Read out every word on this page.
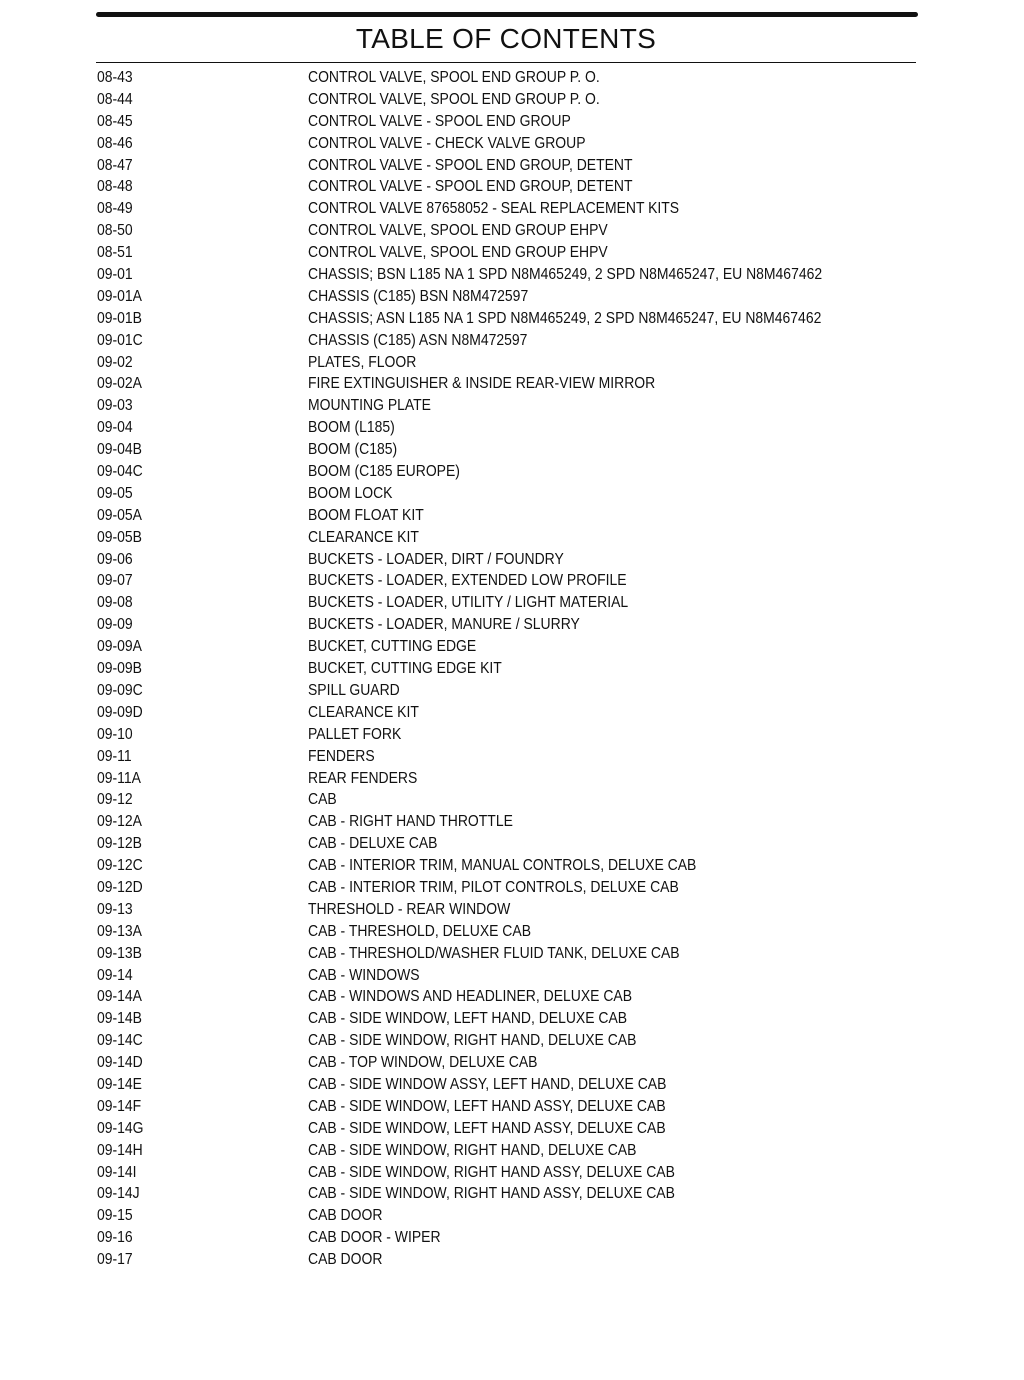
TABLE OF CONTENTS
08-43	CONTROL VALVE, SPOOL END GROUP P. O.
08-44	CONTROL VALVE, SPOOL END GROUP P. O.
08-45	CONTROL VALVE - SPOOL END GROUP
08-46	CONTROL VALVE - CHECK VALVE GROUP
08-47	CONTROL VALVE - SPOOL END GROUP, DETENT
08-48	CONTROL VALVE - SPOOL END GROUP, DETENT
08-49	CONTROL VALVE 87658052 - SEAL REPLACEMENT KITS
08-50	CONTROL VALVE, SPOOL END GROUP EHPV
08-51	CONTROL VALVE, SPOOL END GROUP EHPV
09-01	CHASSIS; BSN L185 NA 1 SPD N8M465249, 2 SPD N8M465247, EU N8M467462
09-01A	CHASSIS (C185) BSN N8M472597
09-01B	CHASSIS; ASN L185 NA 1 SPD N8M465249, 2 SPD N8M465247, EU N8M467462
09-01C	CHASSIS (C185) ASN N8M472597
09-02	PLATES, FLOOR
09-02A	FIRE EXTINGUISHER & INSIDE REAR-VIEW MIRROR
09-03	MOUNTING PLATE
09-04	BOOM (L185)
09-04B	BOOM (C185)
09-04C	BOOM (C185 EUROPE)
09-05	BOOM LOCK
09-05A	BOOM FLOAT KIT
09-05B	CLEARANCE KIT
09-06	BUCKETS - LOADER, DIRT / FOUNDRY
09-07	BUCKETS - LOADER, EXTENDED LOW PROFILE
09-08	BUCKETS - LOADER, UTILITY / LIGHT MATERIAL
09-09	BUCKETS - LOADER, MANURE / SLURRY
09-09A	BUCKET, CUTTING EDGE
09-09B	BUCKET, CUTTING EDGE KIT
09-09C	SPILL GUARD
09-09D	CLEARANCE KIT
09-10	PALLET FORK
09-11	FENDERS
09-11A	REAR FENDERS
09-12	CAB
09-12A	CAB - RIGHT HAND THROTTLE
09-12B	CAB - DELUXE CAB
09-12C	CAB - INTERIOR TRIM, MANUAL CONTROLS, DELUXE CAB
09-12D	CAB - INTERIOR TRIM, PILOT CONTROLS, DELUXE CAB
09-13	THRESHOLD - REAR WINDOW
09-13A	CAB - THRESHOLD, DELUXE CAB
09-13B	CAB - THRESHOLD/WASHER FLUID TANK, DELUXE CAB
09-14	CAB - WINDOWS
09-14A	CAB - WINDOWS AND HEADLINER, DELUXE CAB
09-14B	CAB - SIDE WINDOW, LEFT HAND, DELUXE CAB
09-14C	CAB - SIDE WINDOW, RIGHT HAND, DELUXE CAB
09-14D	CAB - TOP WINDOW, DELUXE CAB
09-14E	CAB - SIDE WINDOW ASSY, LEFT HAND, DELUXE CAB
09-14F	CAB - SIDE WINDOW, LEFT HAND ASSY, DELUXE CAB
09-14G	CAB - SIDE WINDOW, LEFT HAND ASSY, DELUXE CAB
09-14H	CAB - SIDE WINDOW, RIGHT HAND, DELUXE CAB
09-14I	CAB - SIDE WINDOW, RIGHT HAND ASSY, DELUXE CAB
09-14J	CAB - SIDE WINDOW, RIGHT HAND ASSY, DELUXE CAB
09-15	CAB DOOR
09-16	CAB DOOR - WIPER
09-17	CAB DOOR
